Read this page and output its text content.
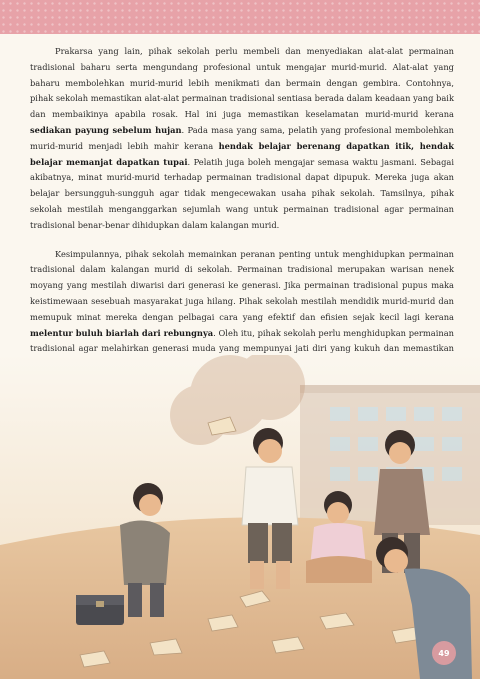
Prakarsa yang lain, pihak sekolah perlu membeli dan menyediakan alat-alat permainan tradisional baharu serta mengundang profesional untuk mengajar murid-murid. Alat-alat yang baharu membolehkan murid-murid lebih menikmati dan bermain dengan gembira. Contohnya, pihak sekolah memastikan alat-alat permainan tradisional sentiasa berada dalam keadaan yang baik dan membaikinya apabila rosak. Hal ini juga memastikan keselamatan murid-murid kerana sediakan payung sebelum hujan. Pada masa yang sama, pelatih yang profesional membolehkan murid-murid menjadi lebih mahir kerana hendak belajar berenang dapatkan itik, hendak belajar memanjat dapatkan tupai. Pelatih juga boleh mengajar semasa waktu jasmani. Sebagai akibatnya, minat murid-murid terhadap permainan tradisional dapat dipupuk. Mereka juga akan belajar bersungguh-sungguh agar tidak mengecewakan usaha pihak sekolah. Tamsilnya, pihak sekolah mestilah menganggarkan sejumlah wang untuk permainan tradisional agar permainan tradisional benar-benar dihidupkan dalam kalangan murid.

Kesimpulannya, pihak sekolah memainkan peranan penting untuk menghidupkan permainan tradisional dalam kalangan murid di sekolah. Permainan tradisional merupakan warisan nenek moyang yang mestilah diwarisi dari generasi ke generasi. Jika permainan tradisional pupus maka keistimewaan sesebuah masyarakat juga hilang. Pihak sekolah mestilah mendidik murid-murid dan memupuk minat mereka dengan pelbagai cara yang efektif dan efisien sejak kecil lagi kerana melentur buluh biarlah dari rebungnya. Oleh itu, pihak sekolah perlu menghidupkan permainan tradisional agar melahirkan generasi muda yang mempunyai jati diri yang kukuh dan memastikan

49
